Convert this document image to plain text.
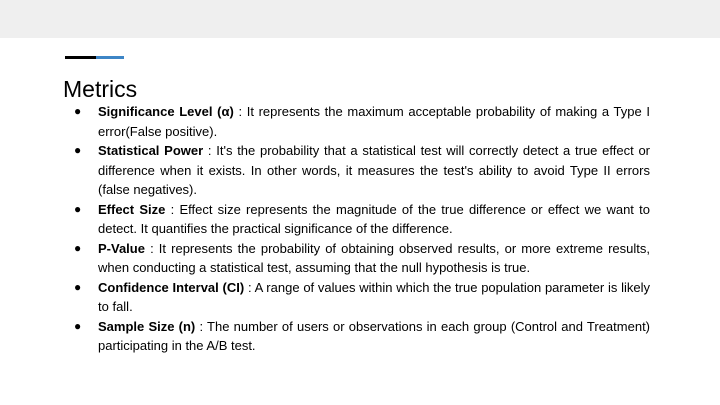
Metrics
● Significance Level (α) : It represents the maximum acceptable probability of making a Type I error(False positive).
● Statistical Power : It's the probability that a statistical test will correctly detect a true effect or difference when it exists. In other words, it measures the test's ability to avoid Type II errors (false negatives).
● Effect Size : Effect size represents the magnitude of the true difference or effect we want to detect. It quantifies the practical significance of the difference.
● P-Value : It represents the probability of obtaining observed results, or more extreme results, when conducting a statistical test, assuming that the null hypothesis is true.
● Confidence Interval (CI) : A range of values within which the true population parameter is likely to fall.
● Sample Size (n) : The number of users or observations in each group (Control and Treatment) participating in the A/B test.
